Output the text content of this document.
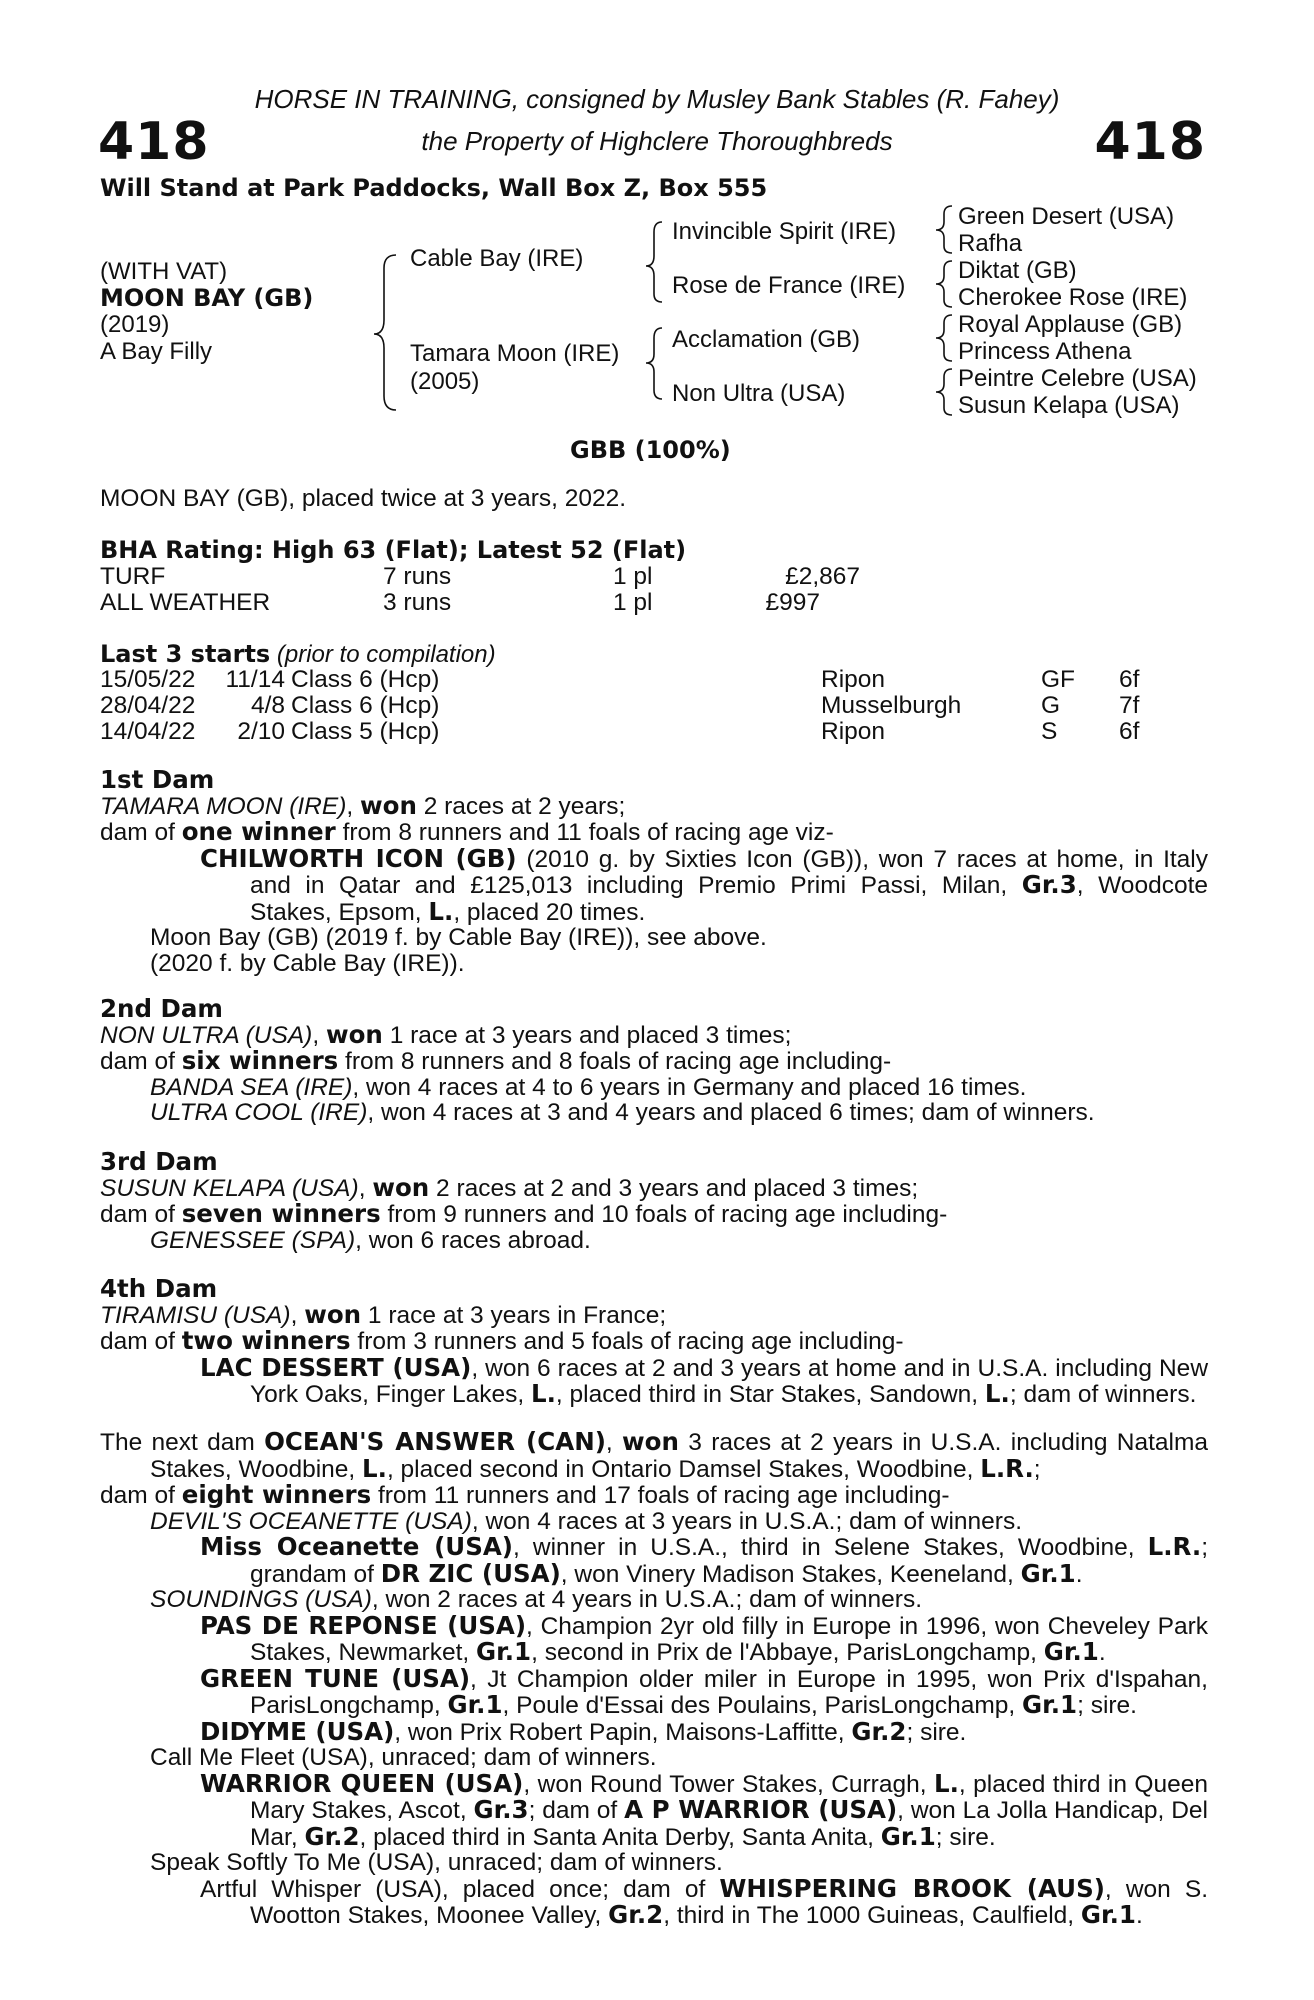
418	418
HORSE IN TRAINING, consigned by Musley Bank Stables (R. Fahey)
the Property of Highclere Thoroughbreds
Will Stand at Park Paddocks, Wall Box Z, Box 555
(WITH VAT)
MOON BAY (GB)
(2019)
A Bay Filly
Cable Bay (IRE)
Tamara Moon (IRE)
(2005)
Invincible Spirit (IRE)
Rose de France (IRE)
Acclamation (GB)
Non Ultra (USA)
Green Desert (USA)
Rafha
Diktat (GB)
Cherokee Rose (IRE)
Royal Applause (GB)
Princess Athena
Peintre Celebre (USA)
Susun Kelapa (USA)
GBB (100%)
MOON BAY (GB), placed twice at 3 years, 2022.
BHA Rating: High 63 (Flat); Latest 52 (Flat)
TURF	7 runs	1 pl	£2,867
ALL WEATHER	3 runs	1 pl	£997
Last 3 starts (prior to compilation)
15/05/22 11/14 Class 6 (Hcp)	Ripon	GF 6f
28/04/22 4/8 Class 6 (Hcp)	Musselburgh	G 7f
14/04/22 2/10 Class 5 (Hcp)	Ripon	S	6f

1st Dam

TAMARA MOON (IRE), won 2 races at 2 years;

dam of one winner from 8 runners and 11 foals of racing age viz-

CHILWORTH ICON (GB) (2010 g. by Sixties Icon (GB)), won 7 races at home, in Italy and in Qatar and £125,013 including Premio Primi Passi, Milan, Gr.3, Woodcote Stakes, Epsom, L., placed 20 times.

Moon Bay (GB) (2019 f. by Cable Bay (IRE)), see above.

(2020 f. by Cable Bay (IRE)).

2nd Dam

NON ULTRA (USA), won 1 race at 3 years and placed 3 times;

dam of six winners from 8 runners and 8 foals of racing age including-

BANDA SEA (IRE), won 4 races at 4 to 6 years in Germany and placed 16 times.

ULTRA COOL (IRE), won 4 races at 3 and 4 years and placed 6 times; dam of winners.

3rd Dam

SUSUN KELAPA (USA), won 2 races at 2 and 3 years and placed 3 times;

dam of seven winners from 9 runners and 10 foals of racing age including-

GENESSEE (SPA), won 6 races abroad.

4th Dam

TIRAMISU (USA), won 1 race at 3 years in France;

dam of two winners from 3 runners and 5 foals of racing age including-

LAC DESSERT (USA), won 6 races at 2 and 3 years at home and in U.S.A. including New York Oaks, Finger Lakes, L., placed third in Star Stakes, Sandown, L.; dam of winners.

The next dam OCEAN'S ANSWER (CAN), won 3 races at 2 years in U.S.A. including Natalma Stakes, Woodbine, L., placed second in Ontario Damsel Stakes, Woodbine, L.R.;

dam of eight winners from 11 runners and 17 foals of racing age including-

DEVIL'S OCEANETTE (USA), won 4 races at 3 years in U.S.A.; dam of winners.

Miss Oceanette (USA), winner in U.S.A., third in Selene Stakes, Woodbine, L.R.; grandam of DR ZIC (USA), won Vinery Madison Stakes, Keeneland, Gr.1.

SOUNDINGS (USA), won 2 races at 4 years in U.S.A.; dam of winners.

PAS DE REPONSE (USA), Champion 2yr old filly in Europe in 1996, won Cheveley Park Stakes, Newmarket, Gr.1, second in Prix de l'Abbaye, ParisLongchamp, Gr.1.

GREEN TUNE (USA), Jt Champion older miler in Europe in 1995, won Prix d'Ispahan, ParisLongchamp, Gr.1, Poule d'Essai des Poulains, ParisLongchamp, Gr.1; sire.

DIDYME (USA), won Prix Robert Papin, Maisons-Laffitte, Gr.2; sire.

Call Me Fleet (USA), unraced; dam of winners.

WARRIOR QUEEN (USA), won Round Tower Stakes, Curragh, L., placed third in Queen Mary Stakes, Ascot, Gr.3; dam of A P WARRIOR (USA), won La Jolla Handicap, Del Mar, Gr.2, placed third in Santa Anita Derby, Santa Anita, Gr.1; sire.

Speak Softly To Me (USA), unraced; dam of winners.

Artful Whisper (USA), placed once; dam of WHISPERING BROOK (AUS), won S. Wootton Stakes, Moonee Valley, Gr.2, third in The 1000 Guineas, Caulfield, Gr.1.
